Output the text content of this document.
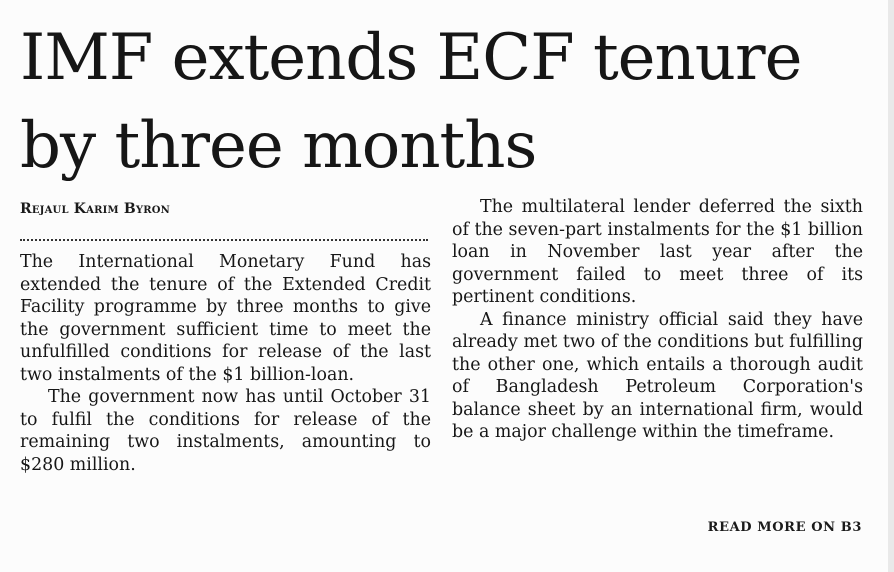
IMF extends ECF tenure
by three months
Rejaul Karim Byron

The International Monetary Fund has extended the tenure of the Extended Credit Facility programme by three months to give the government sufficient time to meet the unfulfilled conditions for release of the last two instalments of the $1 billion-loan.

The government now has until October 31 to fulfil the conditions for release of the remaining two instalments, amounting to $280 million.

The multilateral lender deferred the sixth of the seven-part instalments for the $1 billion loan in November last year after the government failed to meet three of its pertinent conditions.

A finance ministry official said they have already met two of the conditions but fulfilling the other one, which entails a thorough audit of Bangladesh Petroleum Corporation's balance sheet by an international firm, would be a major challenge within the timeframe.

READ MORE ON B3
